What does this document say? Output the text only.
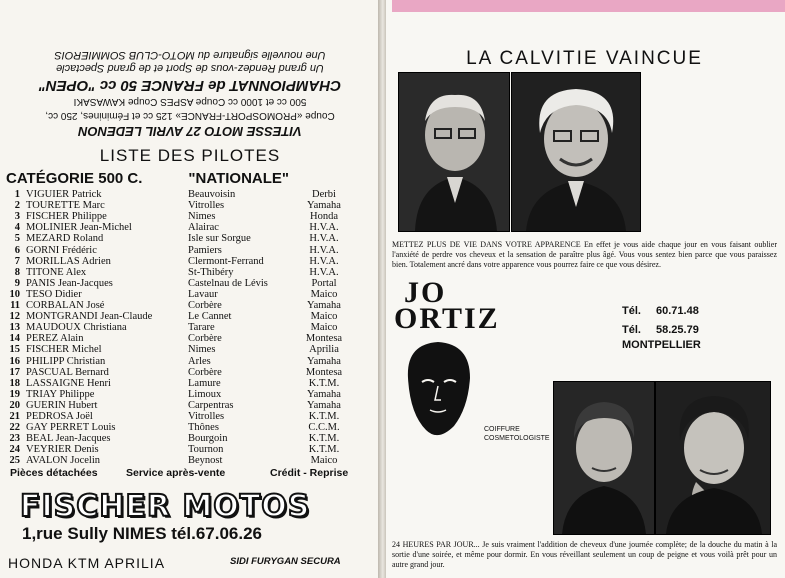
VITESSE MOTO 27 AVRIL LEDENON
Coupe «PROMOSPORT-FRANCE» 125 cc et Féminines, 250 cc,
500 cc et 1000 cc Coupe ASPES Coupe KAWASAKI
CHAMPIONNAT de FRANCE 50 cc "OPEN"
Un grand Rendez-vous de Sport et de grand Spectacle
Une nouvelle signature du MOTO-CLUB SOMMIEROIS
LISTE DES PILOTES
CATÉGORIE 500 C.	"NATIONALE"
1 VIGUIER Patrick	Beauvoisin	Derbi
2 TOURETTE Marc	Vitrolles	Yamaha
3 FISCHER Philippe	Nimes	Honda
4 MOLINIER Jean-Michel	Alairac	H.V.A.
5 MEZARD Roland	Isle sur Sorgue	H.V.A.
6 GORNI Frédéric	Pamiers	H.V.A.
7 MORILLAS Adrien	Clermont-Ferrand	H.V.A.
8 TITONE Alex	St-Thibéry	H.V.A.
9 PANIS Jean-Jacques	Castelnau de Lévis	Portal
10 TESO Didier	Lavaur	Maico
11 CORBALAN José	Corbère	Yamaha
12 MONTGRANDI Jean-Claude	Le Cannet	Maico
13 MAUDOUX Christiana	Tarare	Maico
14 PEREZ Alain	Corbère	Montesa
15 FISCHER Michel	Nimes	Aprilia
16 PHILIPP Christian	Arles	Yamaha
17 PASCUAL Bernard	Corbère	Montesa
18 LASSAIGNE Henri	Lamure	K.T.M.
19 TRIAY Philippe	Limoux	Yamaha
20 GUERIN Hubert	Carpentras	Yamaha
21 PEDROSA Joël	Vitrolles	K.T.M.
22 GAY PERRET Louis	Thônes	C.C.M.
23 BEAL Jean-Jacques	Bourgoin	K.T.M.
24 VEYRIER Denis	Tournon	K.T.M.
25 AVALON Jocelin	Beynost	Maico
Pièces détachées	Service après-vente	Crédit - Reprise
FISCHER MOTOS
1,rue Sully NIMES tél.67.06.26
HONDA KTM APRILIA	SIDI FURYGAN SECURA
LA CALVITIE VAINCUE
METTEZ PLUS DE VIE DANS VOTRE APPARENCE En effet je vous aide chaque jour en vous faisant oublier l'anxiété de perdre vos cheveux et la sensation de paraître plus âgé. Vous vous sentez bien parce que vous paraissez bien. Totalement ancré dans votre apparence vous pourrez faire ce que vous désirez.
JO
ORTIZ
COIFFURE
COSMETOLOGISTE
Tél. 60.71.48
Tél. 58.25.79
MONTPELLIER
24 HEURES PAR JOUR... Je suis vraiment l'addition de cheveux d'une journée complète; de la douche du matin à la sortie d'une soirée, et même pour dormir. En vous réveillant seulement un coup de peigne et vous voilà prêt pour un autre grand jour.
